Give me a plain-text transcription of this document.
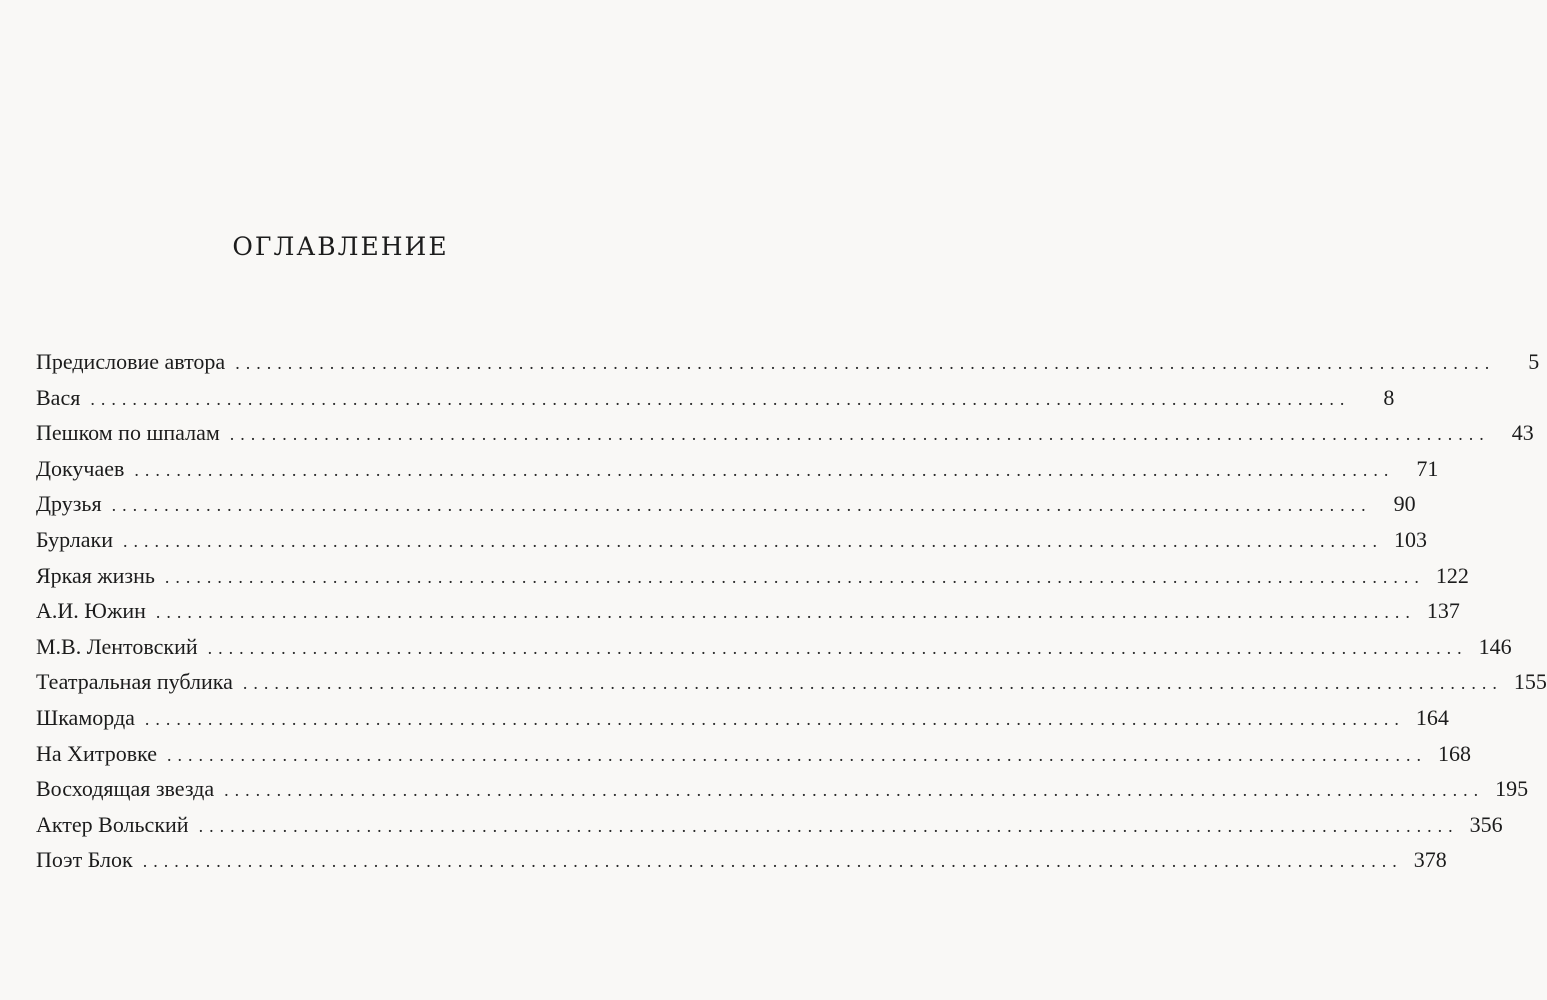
оглавление
Предисловие автора ........................................................................................................................	5
Вася ........................................................................................................................	8
Пешком по шпалам ........................................................................................................................	43
Докучаев ........................................................................................................................	71
Друзья ........................................................................................................................	90
Бурлаки ........................................................................................................................ 103
Яркая жизнь ........................................................................................................................ 122
А.И. Южин ........................................................................................................................ 137
М.В. Лентовский ........................................................................................................................ 146
Театральная публика ........................................................................................................................ 155
Шкаморда ........................................................................................................................ 164
На Хитровке ........................................................................................................................ 168
Восходящая звезда ........................................................................................................................ 195
Актер Вольский ........................................................................................................................ 356
Поэт Блок ........................................................................................................................ 378
